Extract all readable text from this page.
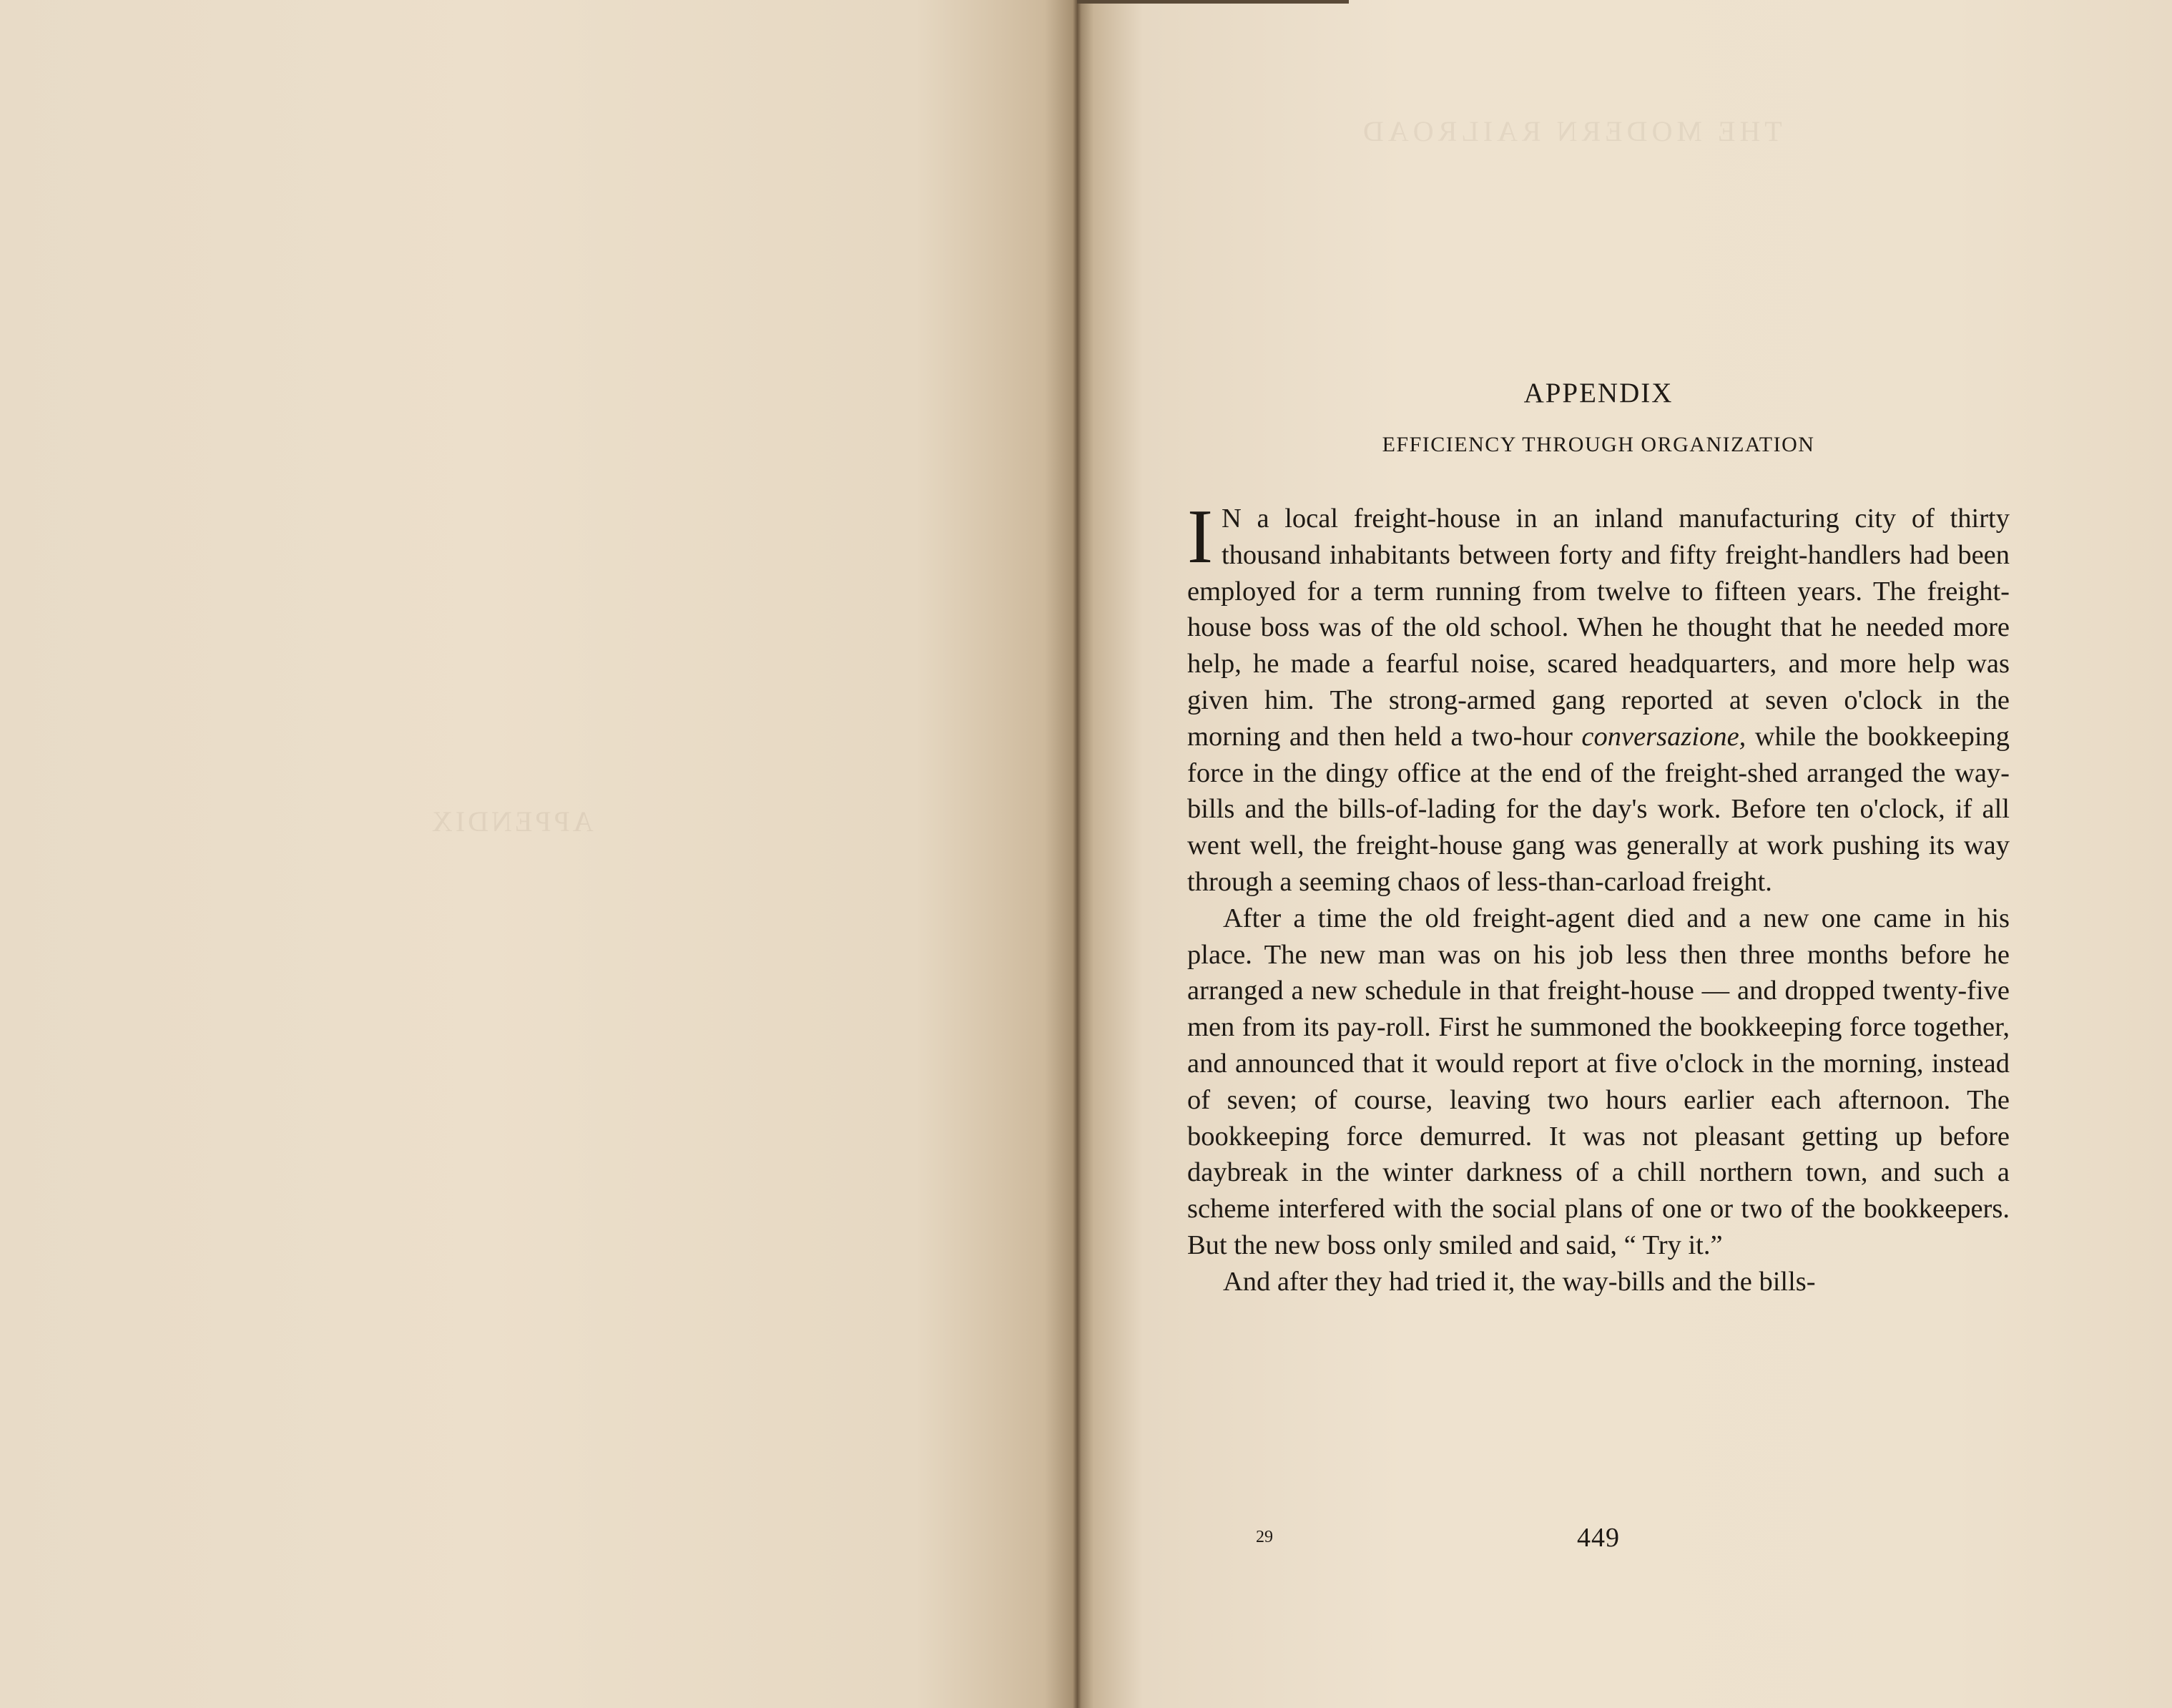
APPENDIX
THE MODERN RAILROAD
APPENDIX
EFFICIENCY THROUGH ORGANIZATION

I N a local freight-house in an inland manufacturing city of thirty thousand inhabitants between forty and fifty freight-handlers had been employed for a term running from twelve to fifteen years. The freight-house boss was of the old school. When he thought that he needed more help, he made a fearful noise, scared headquarters, and more help was given him. The strong-armed gang reported at seven o'clock in the morning and then held a two-hour conversazione, while the bookkeeping force in the dingy office at the end of the freight-shed arranged the way-bills and the bills-of-lading for the day's work. Before ten o'clock, if all went well, the freight-house gang was generally at work pushing its way through a seeming chaos of less-than-carload freight.

After a time the old freight-agent died and a new one came in his place. The new man was on his job less then three months before he arranged a new schedule in that freight-house — and dropped twenty-five men from its pay-roll. First he summoned the bookkeeping force together, and announced that it would report at five o'clock in the morning, instead of seven; of course, leaving two hours earlier each afternoon. The bookkeeping force demurred. It was not pleasant getting up before daybreak in the winter darkness of a chill northern town, and such a scheme interfered with the social plans of one or two of the bookkeepers. But the new boss only smiled and said, “ Try it.”

And after they had tried it, the way-bills and the bills-

29	449
